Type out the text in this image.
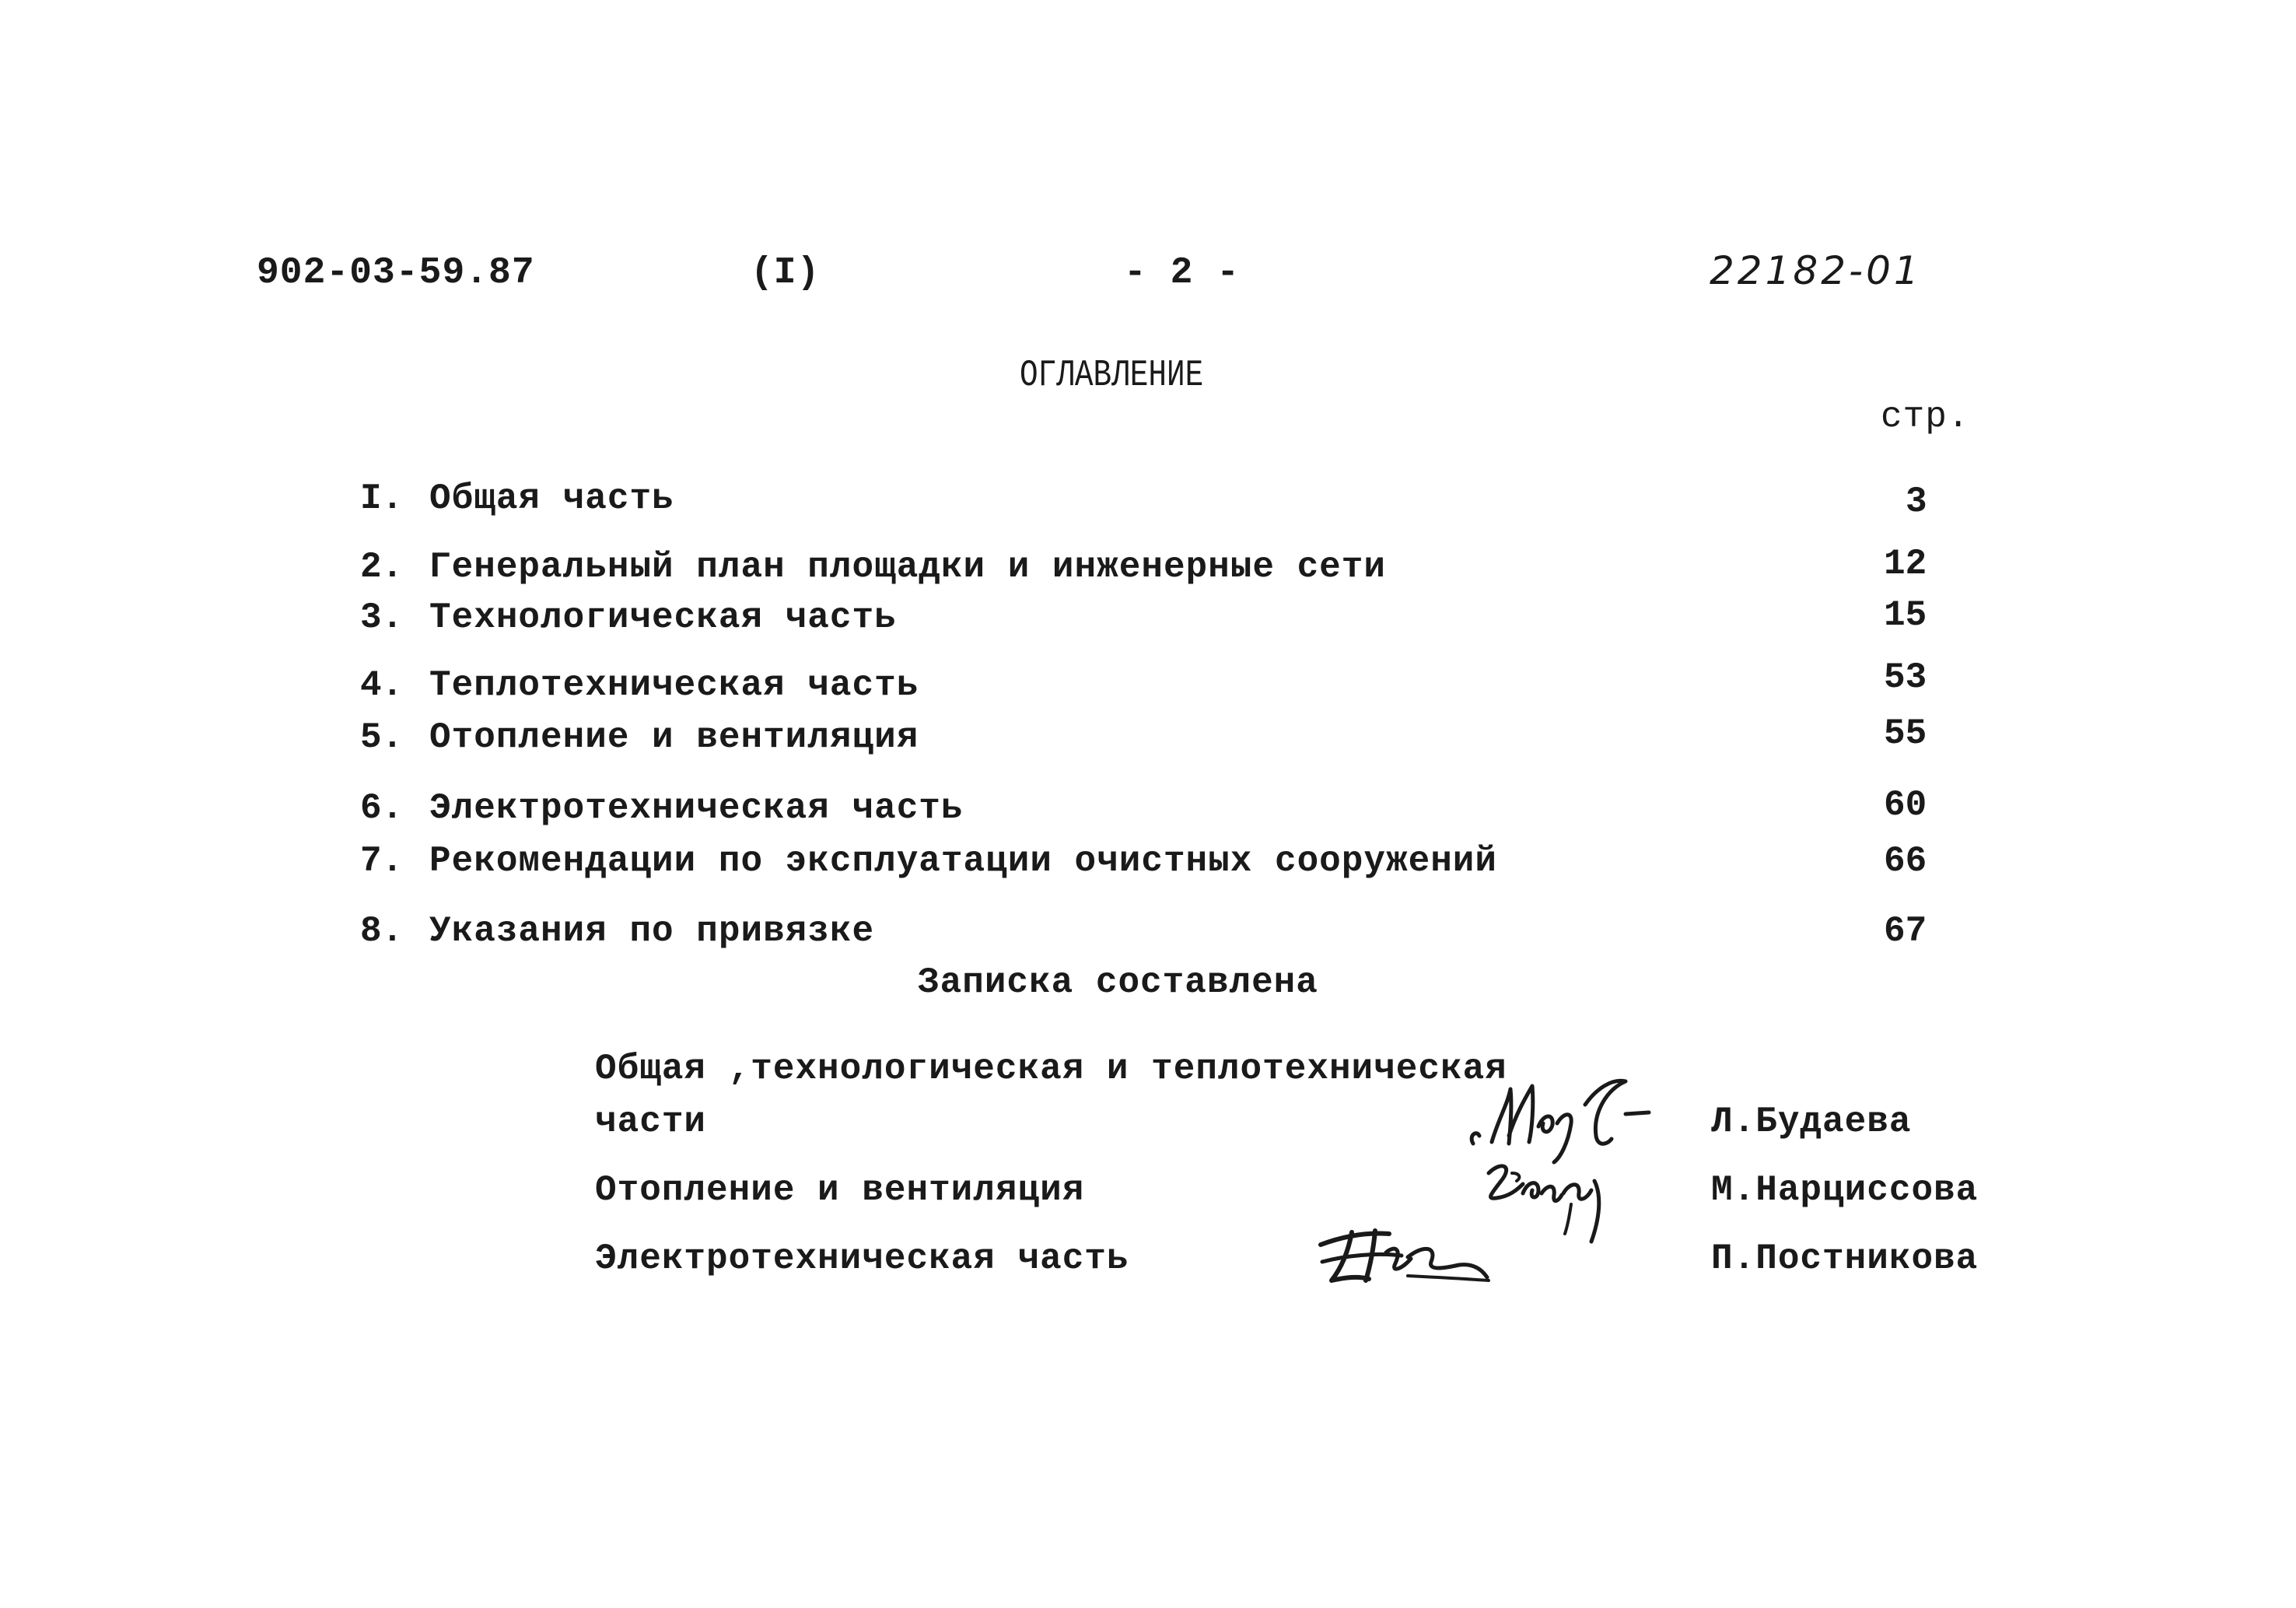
902-03-59.87	(I)	- 2 -	22182-01
ОГЛАВЛЕНИЕ
стр.
I. Общая часть	3
2. Генеральный план площадки и инженерные сети	12
3. Технологическая часть	15
4. Теплотехническая часть	53
5. Отопление и вентиляция	55
6. Электротехническая часть	60
7. Рекомендации по эксплуатации очистных сооружений	66
8. Указания по привязке	67
Записка составлена
Общая ,технологическая и теплотехническая
части	Л.Будаева
Отопление и вентиляция	М.Нарциссова
Электротехническая часть	П.Постникова
